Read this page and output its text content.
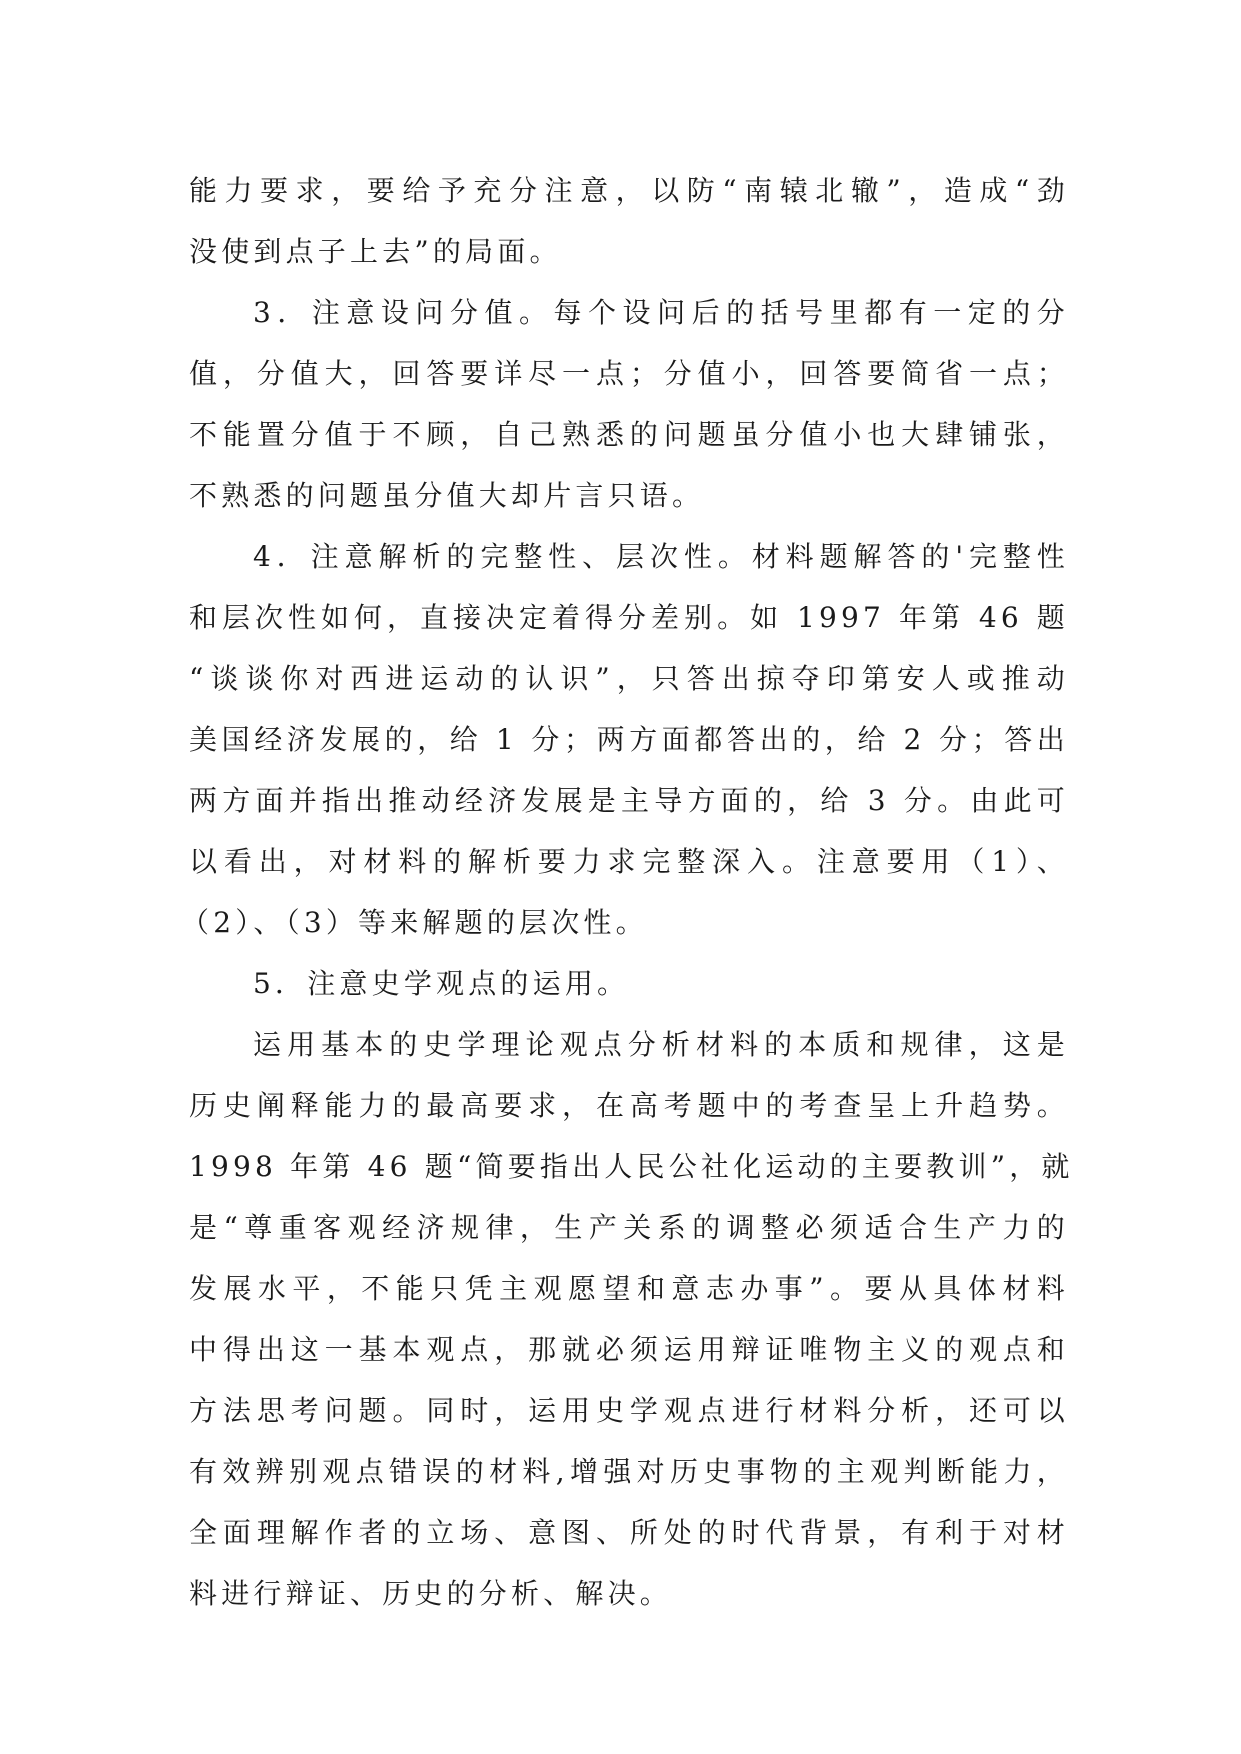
能力要求，要给予充分注意，以防“南辕北辙”，造成“劲
没使到点子上去”的局面。
3．注意设问分值。每个设问后的括号里都有一定的分
值，分值大，回答要详尽一点；分值小，回答要简省一点；
不能置分值于不顾，自己熟悉的问题虽分值小也大肆铺张，
不熟悉的问题虽分值大却片言只语。
4．注意解析的完整性、层次性。材料题解答的'完整性
和层次性如何，直接决定着得分差别。如 1997 年第 46 题
“谈谈你对西进运动的认识”，只答出掠夺印第安人或推动
美国经济发展的，给 1 分；两方面都答出的，给 2 分；答出
两方面并指出推动经济发展是主导方面的，给 3 分。由此可
以看出，对材料的解析要力求完整深入。注意要用（1）、
（2）、（3）等来解题的层次性。
5．注意史学观点的运用。
运用基本的史学理论观点分析材料的本质和规律，这是
历史阐释能力的最高要求，在高考题中的考查呈上升趋势。
1998 年第 46 题“简要指出人民公社化运动的主要教训”，就
是“尊重客观经济规律，生产关系的调整必须适合生产力的
发展水平，不能只凭主观愿望和意志办事”。要从具体材料
中得出这一基本观点，那就必须运用辩证唯物主义的观点和
方法思考问题。同时，运用史学观点进行材料分析，还可以
有效辨别观点错误的材料,增强对历史事物的主观判断能力，
全面理解作者的立场、意图、所处的时代背景，有利于对材
料进行辩证、历史的分析、解决。
